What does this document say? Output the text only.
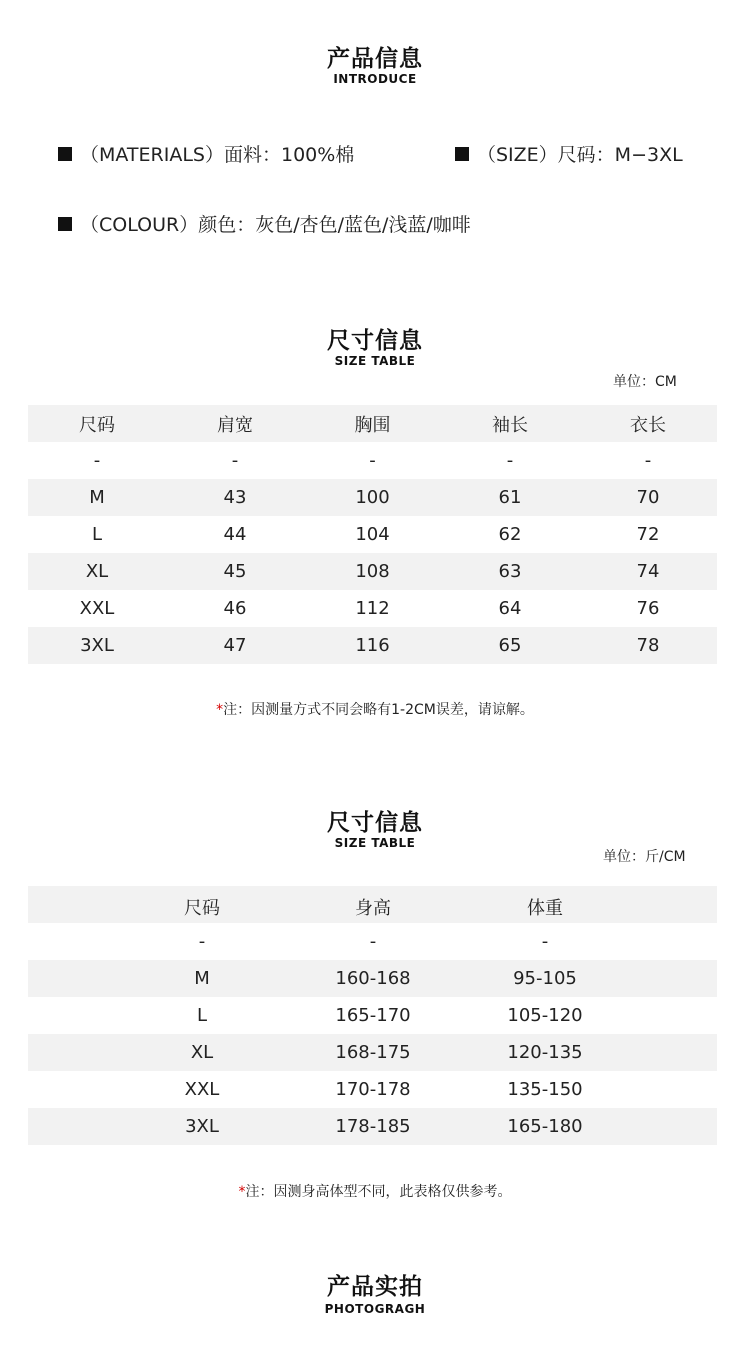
产品信息
INTRODUCE
（MATERIALS）面料：100%棉	（SIZE）尺码：M−3XL
（COLOUR）颜色：灰色/杏色/蓝色/浅蓝/咖啡
尺寸信息
SIZE TABLE
单位：CM
尺码	肩宽	胸围	袖长	衣长
-	-	-	-	-
M	43	100	61	70
L	44	104	62	72
XL	45	108	63	74
XXL	46	112	64	76
3XL	47	116	65	78
*注：因测量方式不同会略有1-2CM误差，请谅解。
尺寸信息
SIZE TABLE
单位：斤/CM
尺码	身高	体重

-	-	-

M	160-168	95-105

L	165-170	105-120

XL	168-175	120-135

XXL	170-178	135-150

3XL	178-185	165-180
*注：因测身高体型不同，此表格仅供参考。
产品实拍
PHOTOGRAGH
